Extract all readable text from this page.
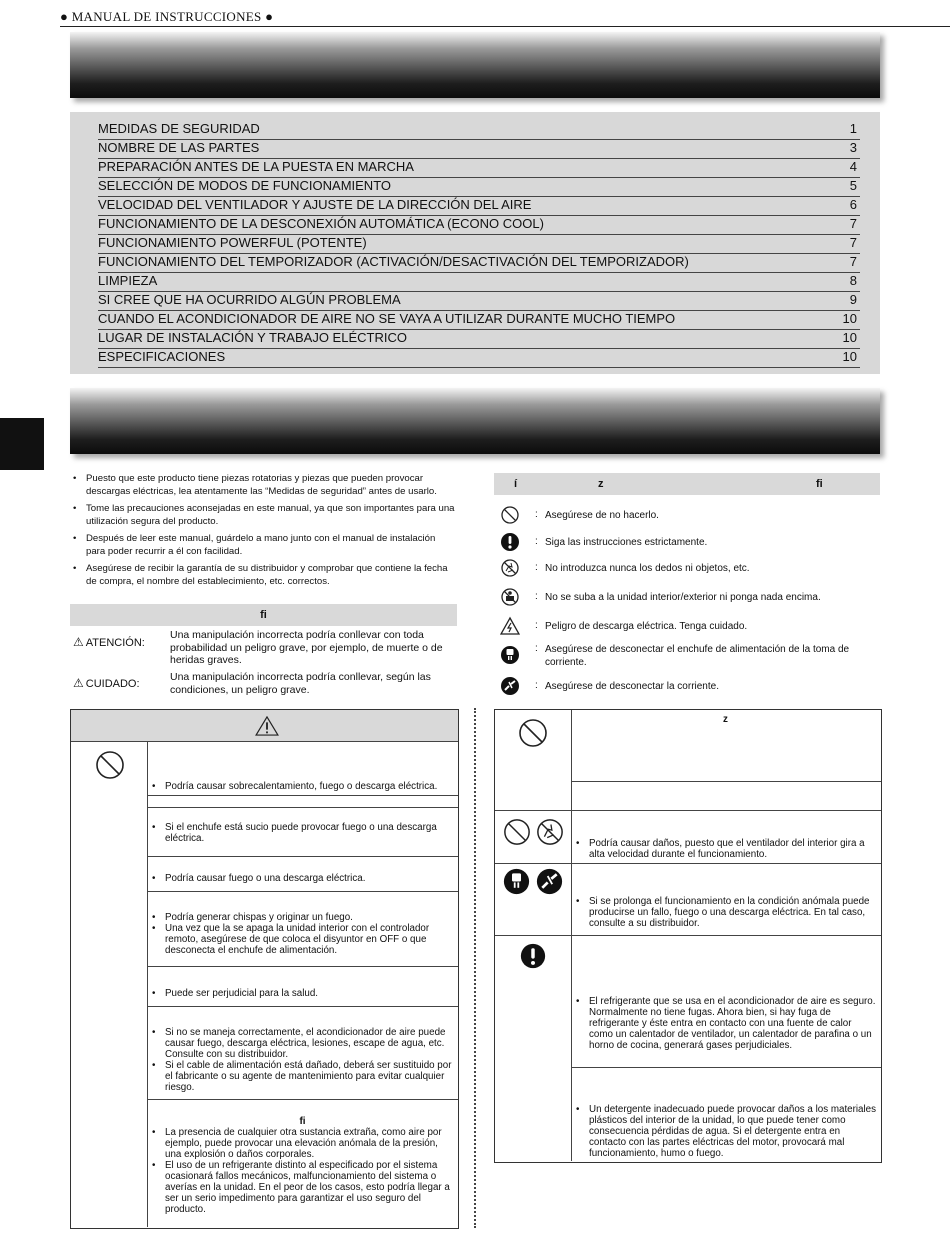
● MANUAL DE INSTRUCCIONES ●
MEDIDAS DE SEGURIDAD	1
NOMBRE DE LAS PARTES	3
PREPARACIÓN ANTES DE LA PUESTA EN MARCHA	4
SELECCIÓN DE MODOS DE FUNCIONAMIENTO	5
VELOCIDAD DEL VENTILADOR Y AJUSTE DE LA DIRECCIÓN DEL AIRE	6
FUNCIONAMIENTO DE LA DESCONEXIÓN AUTOMÁTICA (ECONO COOL)	7
FUNCIONAMIENTO POWERFUL (POTENTE)	7
FUNCIONAMIENTO DEL TEMPORIZADOR (ACTIVACIÓN/DESACTIVACIÓN DEL TEMPORIZADOR)	7
LIMPIEZA	8
SI CREE QUE HA OCURRIDO ALGÚN PROBLEMA	9
CUANDO EL ACONDICIONADOR DE AIRE NO SE VAYA A UTILIZAR DURANTE MUCHO TIEMPO	10
LUGAR DE INSTALACIÓN Y TRABAJO ELÉCTRICO	10
ESPECIFICACIONES	10
• Puesto que este producto tiene piezas rotatorias y piezas que pueden provocar descargas eléctricas, lea atentamente las “Medidas de seguridad” antes de usarlo.
• Tome las precauciones aconsejadas en este manual, ya que son importantes para una utilización segura del producto.
• Después de leer este manual, guárdelo a mano junto con el manual de instalación para poder recurrir a él con facilidad.
• Asegúrese de recibir la garantía de su distribuidor y comprobar que contiene la fecha de compra, el nombre del establecimiento, etc. correctos.
fi
⚠ ATENCIÓN:
Una manipulación incorrecta podría conllevar con toda probabilidad un peligro grave, por ejemplo, de muerte o de heridas graves.
⚠ CUIDADO:
Una manipulación incorrecta podría conllevar, según las condiciones, un peligro grave.
í	z	fi
: Asegúrese de no hacerlo.
: Siga las instrucciones estrictamente.
: No introduzca nunca los dedos ni objetos, etc.
: No se suba a la unidad interior/exterior ni ponga nada encima.
: Peligro de descarga eléctrica. Tenga cuidado.
: Asegúrese de desconectar el enchufe de alimentación de la toma de corriente.
: Asegúrese de desconectar la corriente.
• Podría causar sobrecalentamiento, fuego o descarga eléctrica.
• Si el enchufe está sucio puede provocar fuego o una descarga eléctrica.
• Podría causar fuego o una descarga eléctrica.
• Podría generar chispas y originar un fuego.
• Una vez que la se apaga la unidad interior con el controlador remoto, asegúrese de que coloca el disyuntor en OFF o que desconecta el enchufe de alimentación.
• Puede ser perjudicial para la salud.
• Si no se maneja correctamente, el acondicionador de aire puede causar fuego, descarga eléctrica, lesiones, escape de agua, etc. Consulte con su distribuidor.
• Si el cable de alimentación está dañado, deberá ser sustituido por el fabricante o su agente de mantenimiento para evitar cualquier riesgo.
fi
• La presencia de cualquier otra sustancia extraña, como aire por ejemplo, puede provocar una elevación anómala de la presión, una explosión o daños corporales.
• El uso de un refrigerante distinto al especificado por el sistema ocasionará fallos mecánicos, malfuncionamiento del sistema o averías en la unidad. En el peor de los casos, esto podría llegar a ser un serio impedimento para garantizar el uso seguro del producto.
z
• Podría causar daños, puesto que el ventilador del interior gira a alta velocidad durante el funcionamiento.
• Si se prolonga el funcionamiento en la condición anómala puede producirse un fallo, fuego o una descarga eléctrica. En tal caso, consulte a su distribuidor.
• El refrigerante que se usa en el acondicionador de aire es seguro. Normalmente no tiene fugas. Ahora bien, si hay fuga de refrigerante y éste entra en contacto con una fuente de calor como un calentador de ventilador, un calentador de parafina o un horno de cocina, generará gases perjudiciales.
• Un detergente inadecuado puede provocar daños a los materiales plásticos del interior de la unidad, lo que puede tener como consecuencia pérdidas de agua. Si el detergente entra en contacto con las partes eléctricas del motor, provocará mal funcionamiento, humo o fuego.
